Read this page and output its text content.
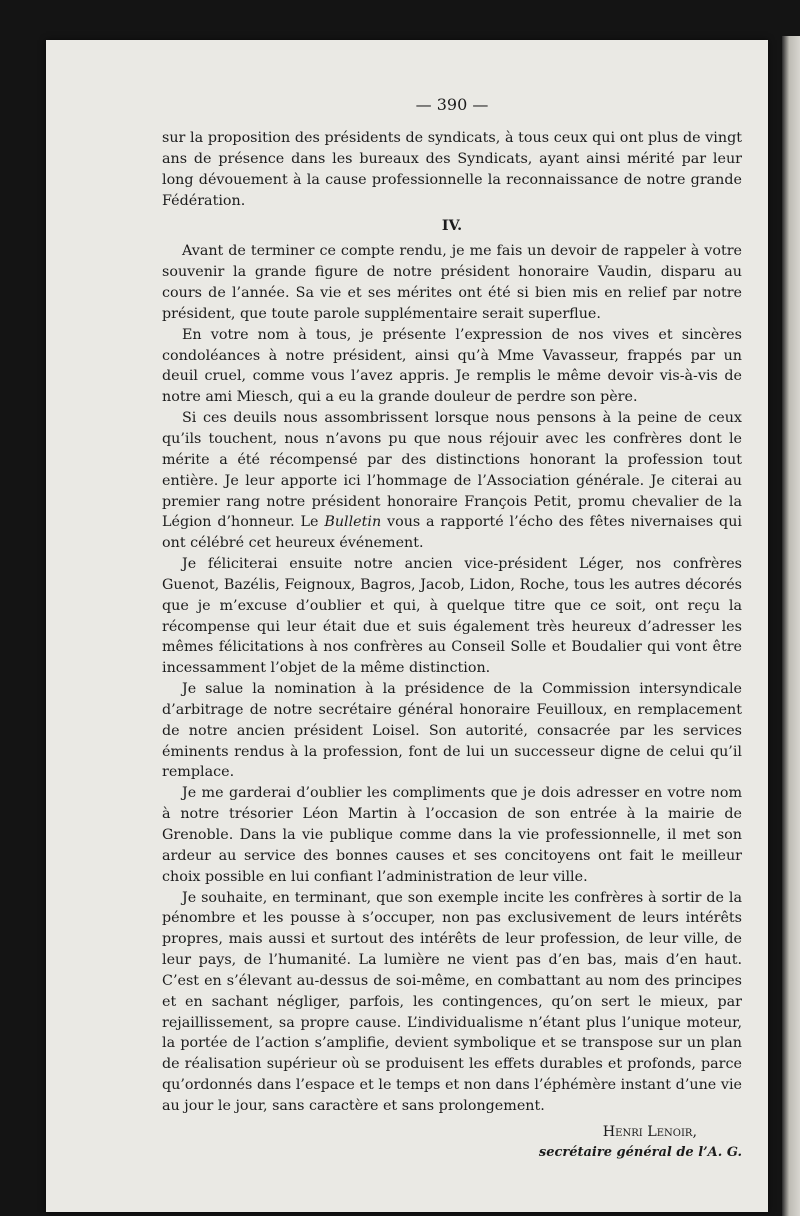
— 390 —

sur la proposition des présidents de syndicats, à tous ceux qui ont plus de vingt ans de présence dans les bureaux des Syndicats, ayant ainsi mérité par leur long dévouement à la cause professionnelle la reconnaissance de notre grande Fédération.

IV.

Avant de terminer ce compte rendu, je me fais un devoir de rappeler à votre souvenir la grande figure de notre président honoraire Vaudin, disparu au cours de l’année. Sa vie et ses mérites ont été si bien mis en relief par notre président, que toute parole supplémentaire serait superflue.

En votre nom à tous, je présente l’expression de nos vives et sincères condoléances à notre président, ainsi qu’à Mme Vavasseur, frappés par un deuil cruel, comme vous l’avez appris. Je remplis le même devoir vis-à-vis de notre ami Miesch, qui a eu la grande douleur de perdre son père.

Si ces deuils nous assombrissent lorsque nous pensons à la peine de ceux qu’ils touchent, nous n’avons pu que nous réjouir avec les confrères dont le mérite a été récompensé par des distinctions honorant la profession tout entière. Je leur apporte ici l’hommage de l’Association générale. Je citerai au premier rang notre président honoraire François Petit, promu chevalier de la Légion d’honneur. Le Bulletin vous a rapporté l’écho des fêtes nivernaises qui ont célébré cet heureux événement.

Je féliciterai ensuite notre ancien vice-président Léger, nos confrères Guenot, Bazélis, Feignoux, Bagros, Jacob, Lidon, Roche, tous les autres décorés que je m’excuse d’oublier et qui, à quelque titre que ce soit, ont reçu la récompense qui leur était due et suis également très heureux d’adresser les mêmes félicitations à nos confrères au Conseil Solle et Boudalier qui vont être incessamment l’objet de la même distinction.

Je salue la nomination à la présidence de la Commission intersyndicale d’arbitrage de notre secrétaire général honoraire Feuilloux, en remplacement de notre ancien président Loisel. Son autorité, consacrée par les services éminents rendus à la profession, font de lui un successeur digne de celui qu’il remplace.

Je me garderai d’oublier les compliments que je dois adresser en votre nom à notre trésorier Léon Martin à l’occasion de son entrée à la mairie de Grenoble. Dans la vie publique comme dans la vie professionnelle, il met son ardeur au service des bonnes causes et ses concitoyens ont fait le meilleur choix possible en lui confiant l’administration de leur ville.

Je souhaite, en terminant, que son exemple incite les confrères à sortir de la pénombre et les pousse à s’occuper, non pas exclusivement de leurs intérêts propres, mais aussi et surtout des intérêts de leur profession, de leur ville, de leur pays, de l’humanité. La lumière ne vient pas d’en bas, mais d’en haut. C’est en s’élevant au-dessus de soi-même, en combattant au nom des principes et en sachant négliger, parfois, les contingences, qu’on sert le mieux, par rejaillissement, sa propre cause. L’individualisme n’étant plus l’unique moteur, la portée de l’action s’amplifie, devient symbolique et se transpose sur un plan de réalisation supérieur où se produisent les effets durables et profonds, parce qu’ordonnés dans l’espace et le temps et non dans l’éphémère instant d’une vie au jour le jour, sans caractère et sans prolongement.

Henri Lenoir,
secrétaire général de l’A. G.
